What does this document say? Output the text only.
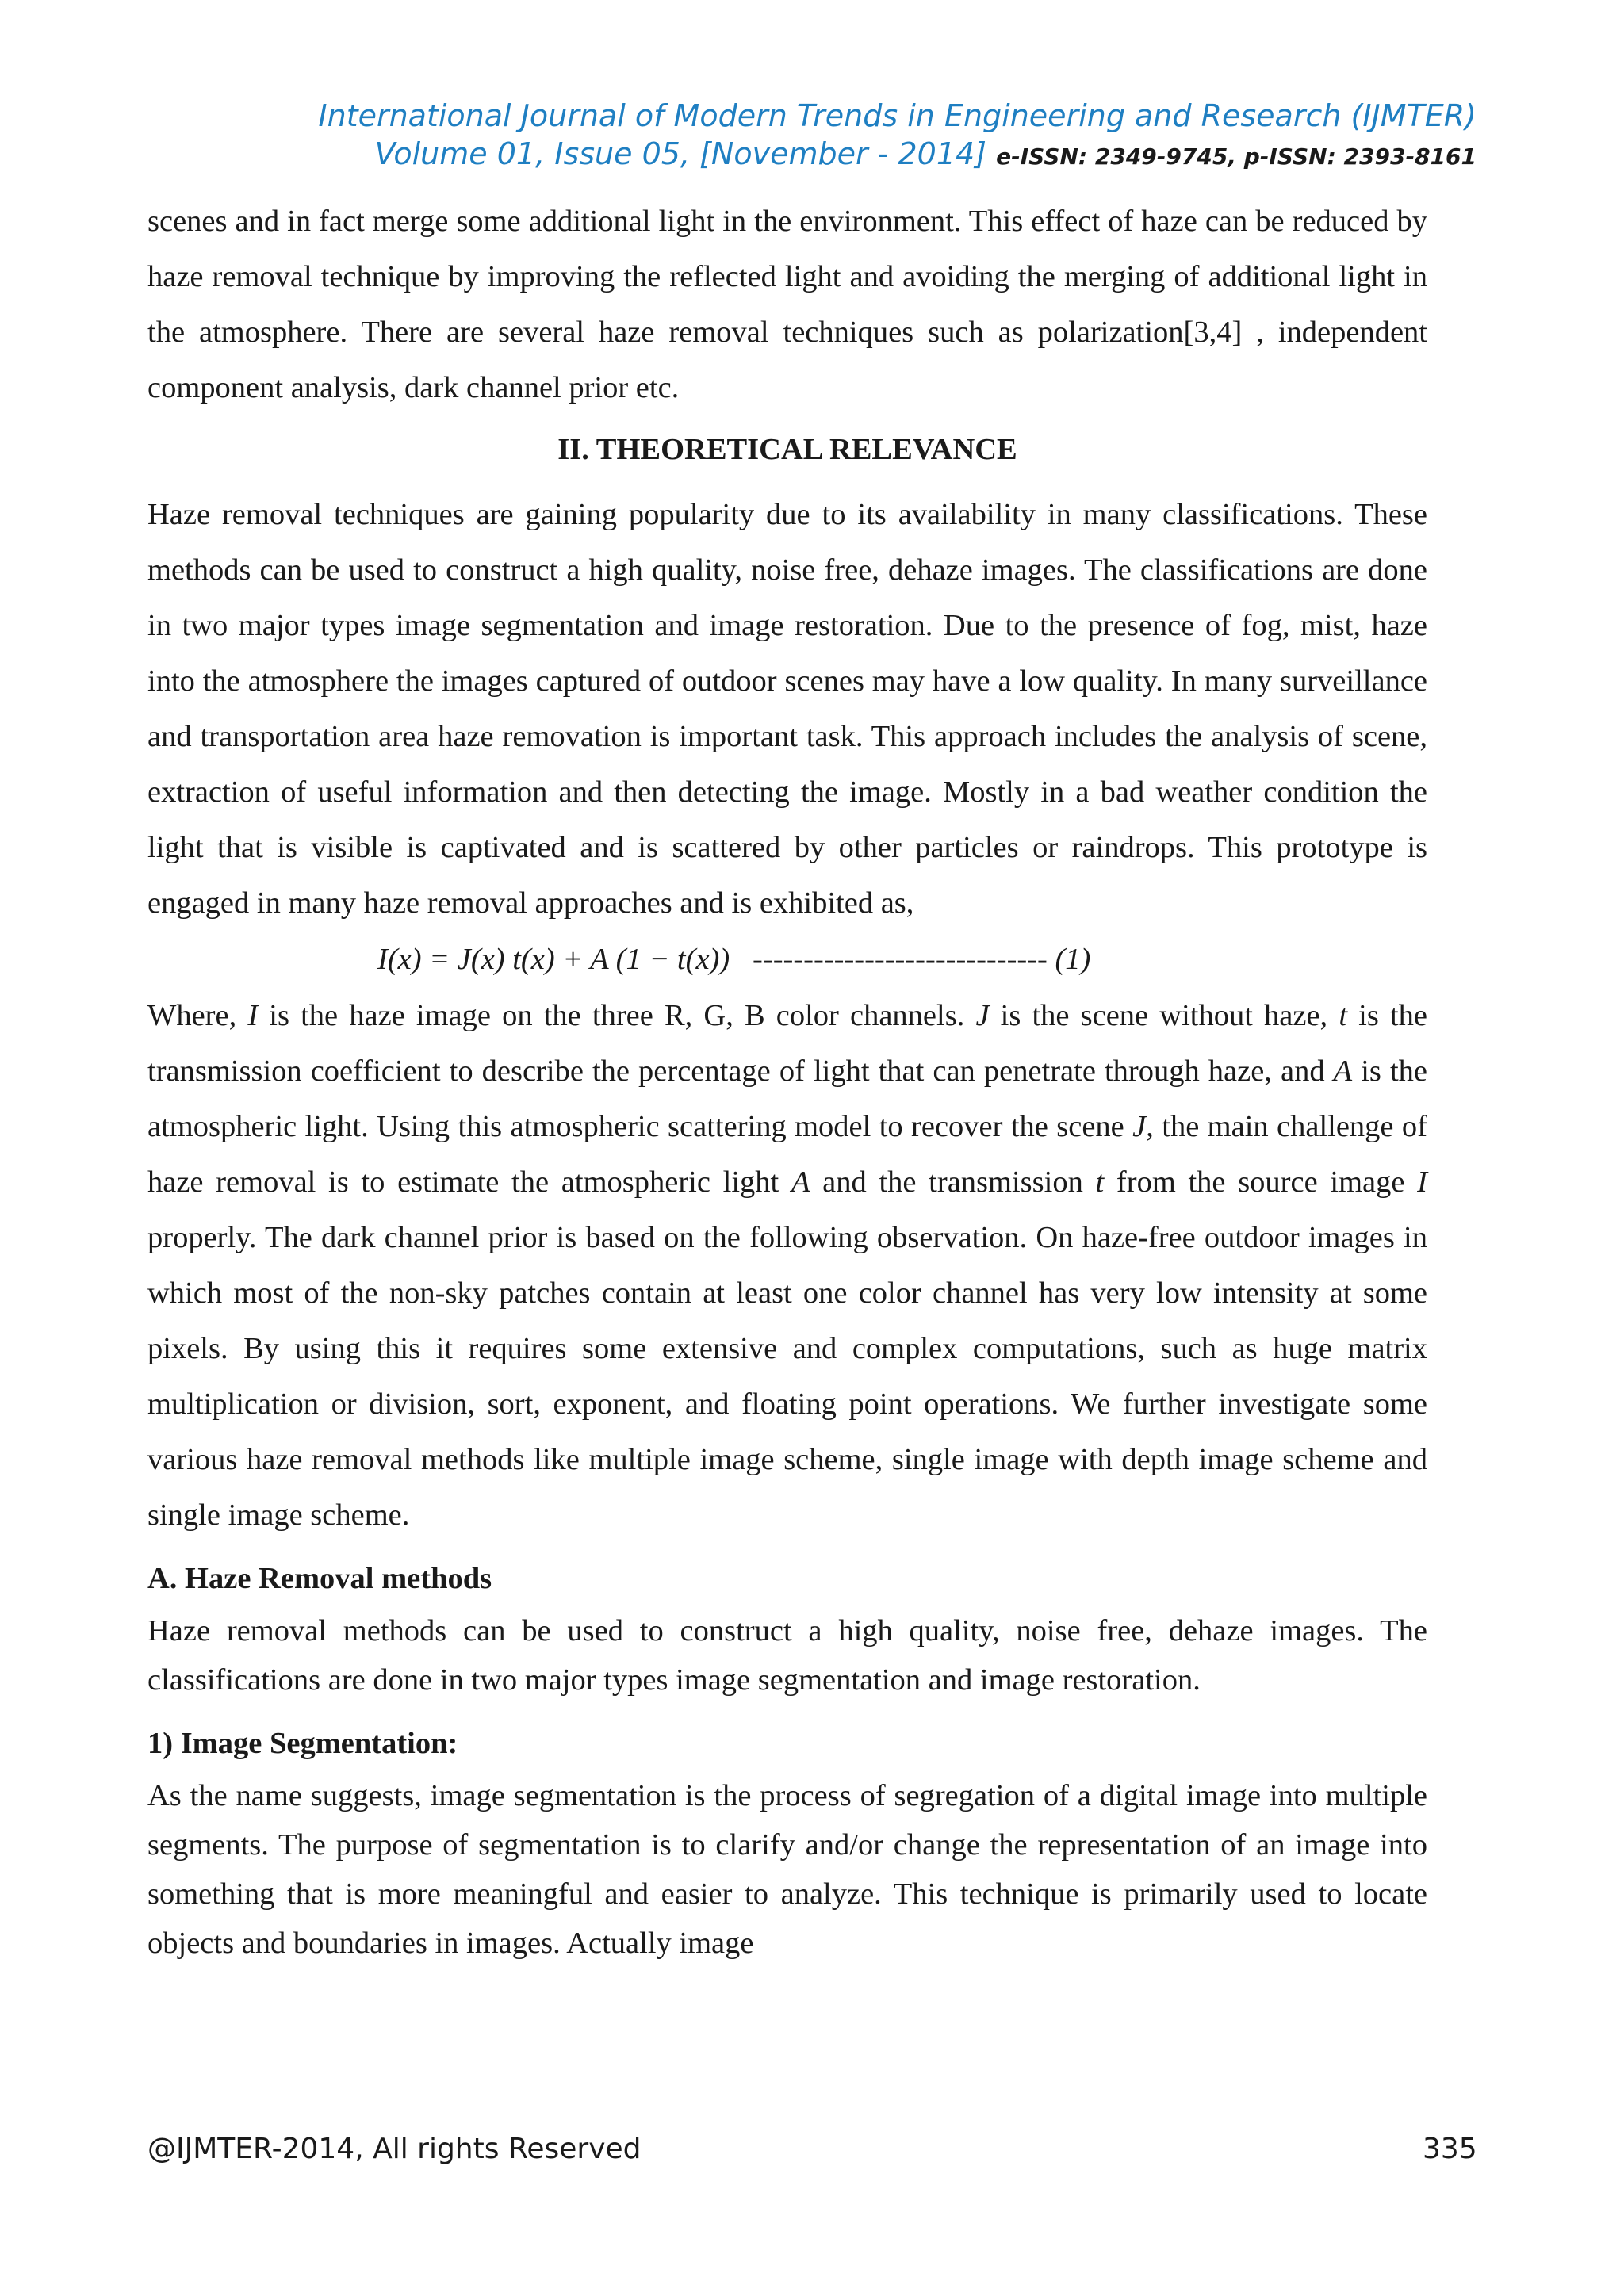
International Journal of Modern Trends in Engineering and Research (IJMTER)
Volume 01, Issue 05, [November - 2014] e-ISSN: 2349-9745, p-ISSN: 2393-8161

scenes and in fact merge some additional light in the environment. This effect of haze can be reduced by haze removal technique by improving the reflected light and avoiding the merging of additional light in the atmosphere. There are several haze removal techniques such as polarization[3,4] , independent component analysis, dark channel prior etc.

II. THEORETICAL RELEVANCE

Haze removal techniques are gaining popularity due to its availability in many classifications. These methods can be used to construct a high quality, noise free, dehaze images. The classifications are done in two major types image segmentation and image restoration. Due to the presence of fog, mist, haze into the atmosphere the images captured of outdoor scenes may have a low quality. In many surveillance and transportation area haze removation is important task. This approach includes the analysis of scene, extraction of useful information and then detecting the image. Mostly in a bad weather condition the light that is visible is captivated and is scattered by other particles or raindrops. This prototype is engaged in many haze removal approaches and is exhibited as,

I(x) = J(x) t(x) + A (1 − t(x))   ----------------------------- (1)

Where, I is the haze image on the three R, G, B color channels. J is the scene without haze, t is the transmission coefficient to describe the percentage of light that can penetrate through haze, and A is the atmospheric light. Using this atmospheric scattering model to recover the scene J, the main challenge of haze removal is to estimate the atmospheric light A and the transmission t from the source image I properly. The dark channel prior is based on the following observation. On haze-free outdoor images in which most of the non-sky patches contain at least one color channel has very low intensity at some pixels. By using this it requires some extensive and complex computations, such as huge matrix multiplication or division, sort, exponent, and floating point operations. We further investigate some various haze removal methods like multiple image scheme, single image with depth image scheme and single image scheme.

A. Haze Removal methods

Haze removal methods can be used to construct a high quality, noise free, dehaze images. The classifications are done in two major types image segmentation and image restoration.

1) Image Segmentation:

As the name suggests, image segmentation is the process of segregation of a digital image into multiple segments. The purpose of segmentation is to clarify and/or change the representation of an image into something that is more meaningful and easier to analyze. This technique is primarily used to locate objects and boundaries in images. Actually image

@IJMTER-2014, All rights Reserved	335
